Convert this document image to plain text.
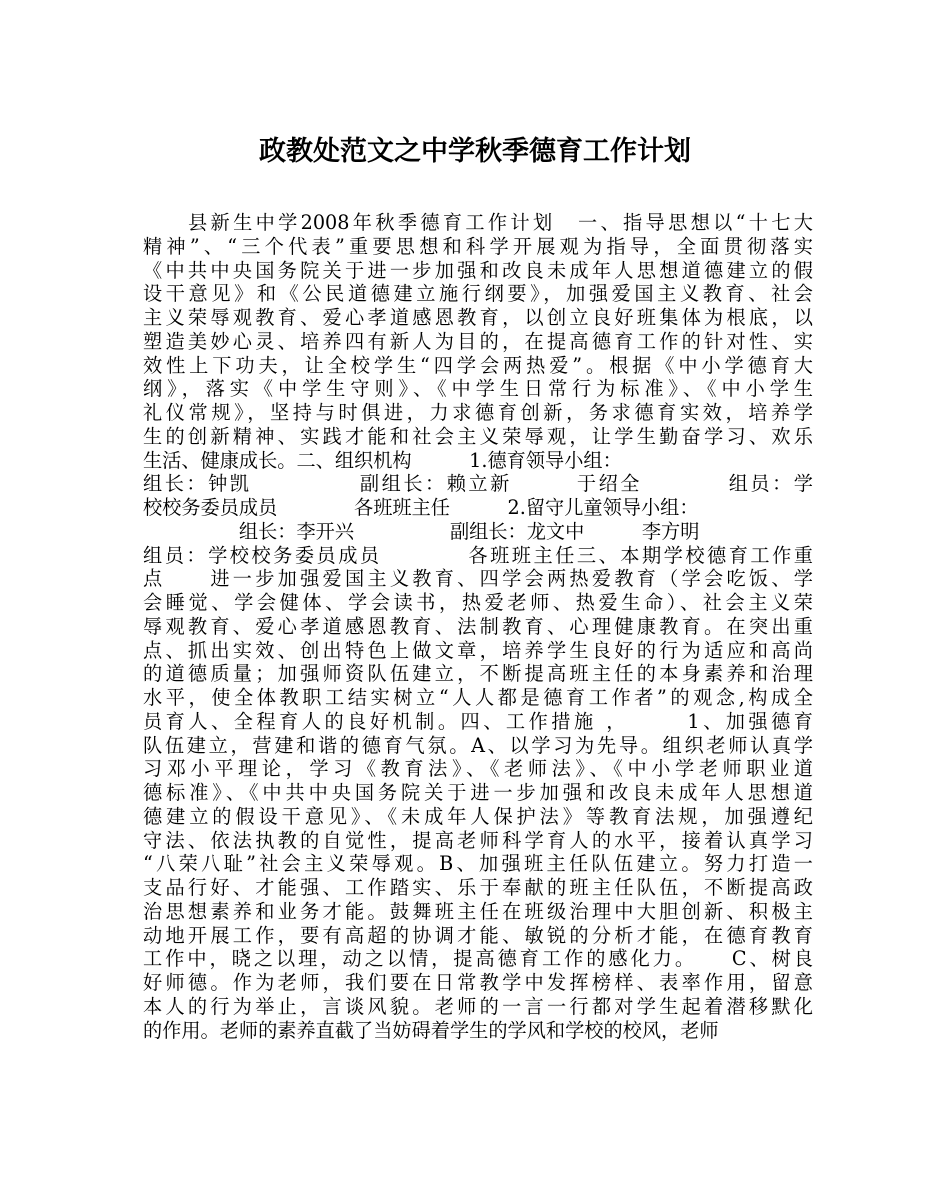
政教处范文之中学秋季德育工作计划
　　县新生中学2008年秋季德育工作计划　一、指导思想以“十七大
精神”、“三个代表”重要思想和科学开展观为指导，全面贯彻落实
《中共中央国务院关于进一步加强和改良未成年人思想道德建立的假
设干意见》和《公民道德建立施行纲要》，加强爱国主义教育、社会
主义荣辱观教育、爱心孝道感恩教育，以创立良好班集体为根底，以
塑造美妙心灵、培养四有新人为目的，在提高德育工作的针对性、实
效性上下功夫，让全校学生“四学会两热爱”。根据《中小学德育大
纲》，落实《中学生守则》、《中学生日常行为标准》、《中小学生
礼仪常规》，坚持与时俱进，力求德育创新，务求德育实效，培养学
生的创新精神、实践才能和社会主义荣辱观，让学生勤奋学习、欢乐
生活、健康成长。二、组织机构　　　1.德育领导小组：
组长：钟凯　　　　　副组长：赖立新　　　于绍全　　　　组员：学
校校务委员成员　　　　各班班主任　　　2.留守儿童领导小组：
　　　　　组长：李开兴　　　　　副组长：龙文中　　　李方明
组员：学校校务委员成员　　　　各班班主任三、本期学校德育工作重
点　　进一步加强爱国主义教育、四学会两热爱教育（学会吃饭、学
会睡觉、学会健体、学会读书，热爱老师、热爱生命）、社会主义荣
辱观教育、爱心孝道感恩教育、法制教育、心理健康教育。在突出重
点、抓出实效、创出特色上做文章，培养学生良好的行为适应和高尚
的道德质量；加强师资队伍建立，不断提高班主任的本身素养和治理
水平，使全体教职工结实树立“人人都是德育工作者”的观念,构成全
员育人、全程育人的良好机制。四、工作措施 ，　　　1、加强德育
队伍建立，营建和谐的德育气氛。A、以学习为先导。组织老师认真学
习邓小平理论，学习《教育法》、《老师法》、《中小学老师职业道
德标准》、《中共中央国务院关于进一步加强和改良未成年人思想道
德建立的假设干意见》、《未成年人保护法》等教育法规，加强遵纪
守法、依法执教的自觉性，提高老师科学育人的水平，接着认真学习
“八荣八耻”社会主义荣辱观。B、加强班主任队伍建立。努力打造一
支品行好、才能强、工作踏实、乐于奉献的班主任队伍，不断提高政
治思想素养和业务才能。鼓舞班主任在班级治理中大胆创新、积极主
动地开展工作，要有高超的协调才能、敏锐的分析才能，在德育教育
工作中，晓之以理，动之以情，提高德育工作的感化力。　　C、树良
好师德。作为老师，我们要在日常教学中发挥榜样、表率作用，留意
本人的行为举止，言谈风貌。老师的一言一行都对学生起着潜移默化
的作用。老师的素养直截了当妨碍着学生的学风和学校的校风，老师
